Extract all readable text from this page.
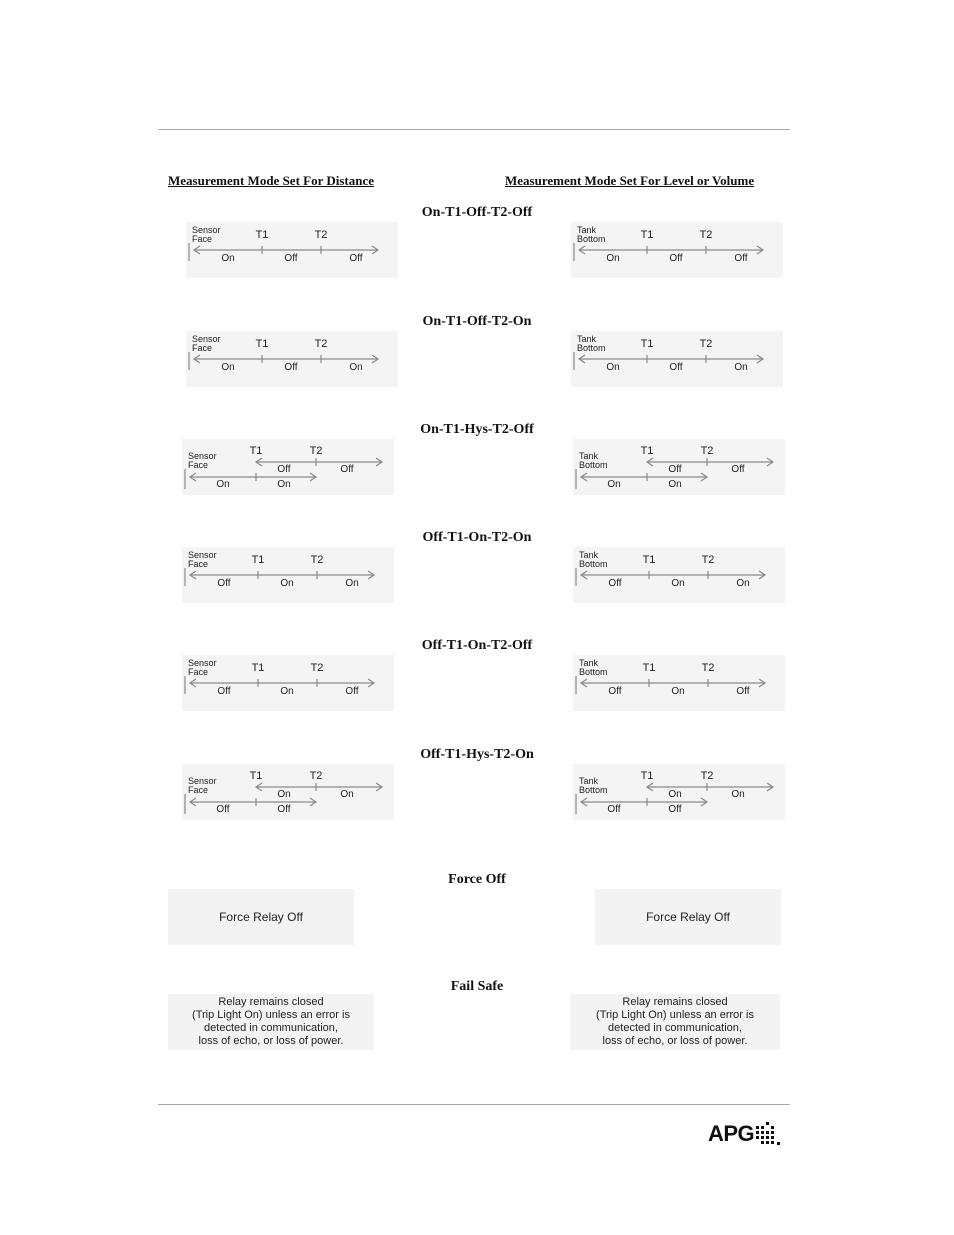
Measurement Mode Set For Distance	Measurement Mode Set For Level or Volume
On-T1-Off-T2-Off
On-T1-Off-T2-On
On-T1-Hys-T2-Off
Off-T1-On-T2-On
Off-T1-On-T2-Off
Off-T1-Hys-T2-On
Sensor
Face	T1	T2
On	Off	Off
Tank
Bottom	T1	T2
On	Off	Off
Sensor
Face	T1	T2
On	Off	On
Tank
Bottom	T1	T2
On	Off	On
Sensor
Face
T1	T2
Off	Off
On	On
Tank
Bottom
T1	T2
Off	Off
On	On
Sensor
Face	T1	T2
Off	On	On
Tank
Bottom	T1	T2
Off	On	On
Sensor
Face	T1	T2
Off	On	Off
Tank
Bottom	T1	T2
Off	On	Off
Sensor
Face
T1	T2
On	On
Off	Off
Tank
Bottom
T1	T2
On	On
Off	Off
Force Off
Force Relay Off	Force Relay Off
Fail Safe
Relay remains closed
(Trip Light On) unless an error is
detected in communication,
loss of echo, or loss of power.
Relay remains closed
(Trip Light On) unless an error is
detected in communication,
loss of echo, or loss of power.
APG
